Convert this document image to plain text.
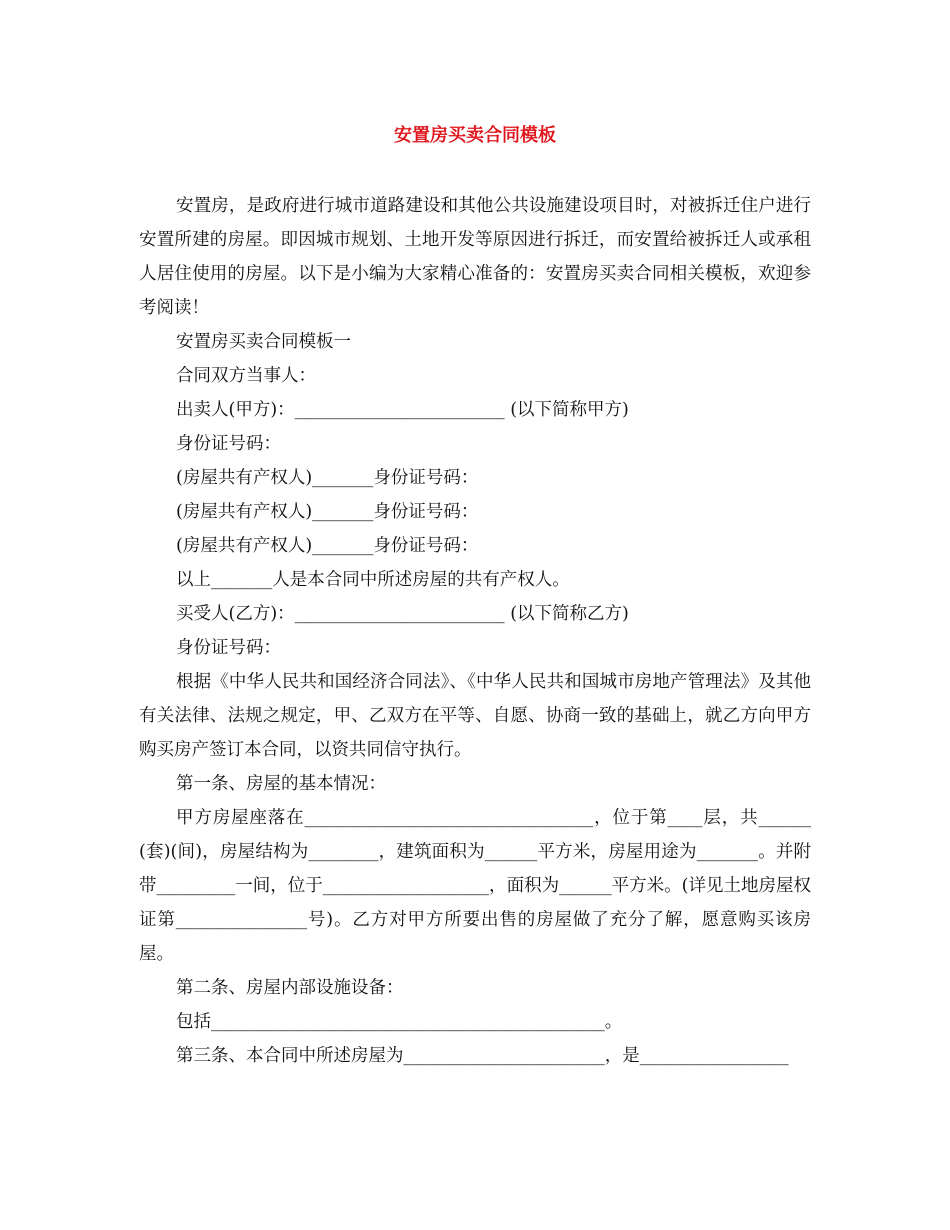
安置房买卖合同模板

安置房，是政府进行城市道路建设和其他公共设施建设项目时，对被拆迁住户进行安置所建的房屋。即因城市规划、土地开发等原因进行拆迁，而安置给被拆迁人或承租人居住使用的房屋。以下是小编为大家精心准备的：安置房买卖合同相关模板，欢迎参考阅读！

安置房买卖合同模板一

合同双方当事人：

出卖人(甲方)：________________________ (以下简称甲方)

身份证号码：

(房屋共有产权人)_______身份证号码：

(房屋共有产权人)_______身份证号码：

(房屋共有产权人)_______身份证号码：

以上_______人是本合同中所述房屋的共有产权人。

买受人(乙方)：________________________ (以下简称乙方)

身份证号码：

根据《中华人民共和国经济合同法》、《中华人民共和国城市房地产管理法》及其他有关法律、法规之规定，甲、乙双方在平等、自愿、协商一致的基础上，就乙方向甲方购买房产签订本合同，以资共同信守执行。

第一条、房屋的基本情况：

甲方房屋座落在_________________________________，位于第____层，共______(套)(间)，房屋结构为________，建筑面积为______平方米，房屋用途为_______。并附带_________一间，位于___________________，面积为______平方米。(详见土地房屋权证第_______________号)。乙方对甲方所要出售的房屋做了充分了解，愿意购买该房屋。

第二条、房屋内部设施设备：

包括_____________________________________________。

第三条、本合同中所述房屋为_______________________，是_________________
